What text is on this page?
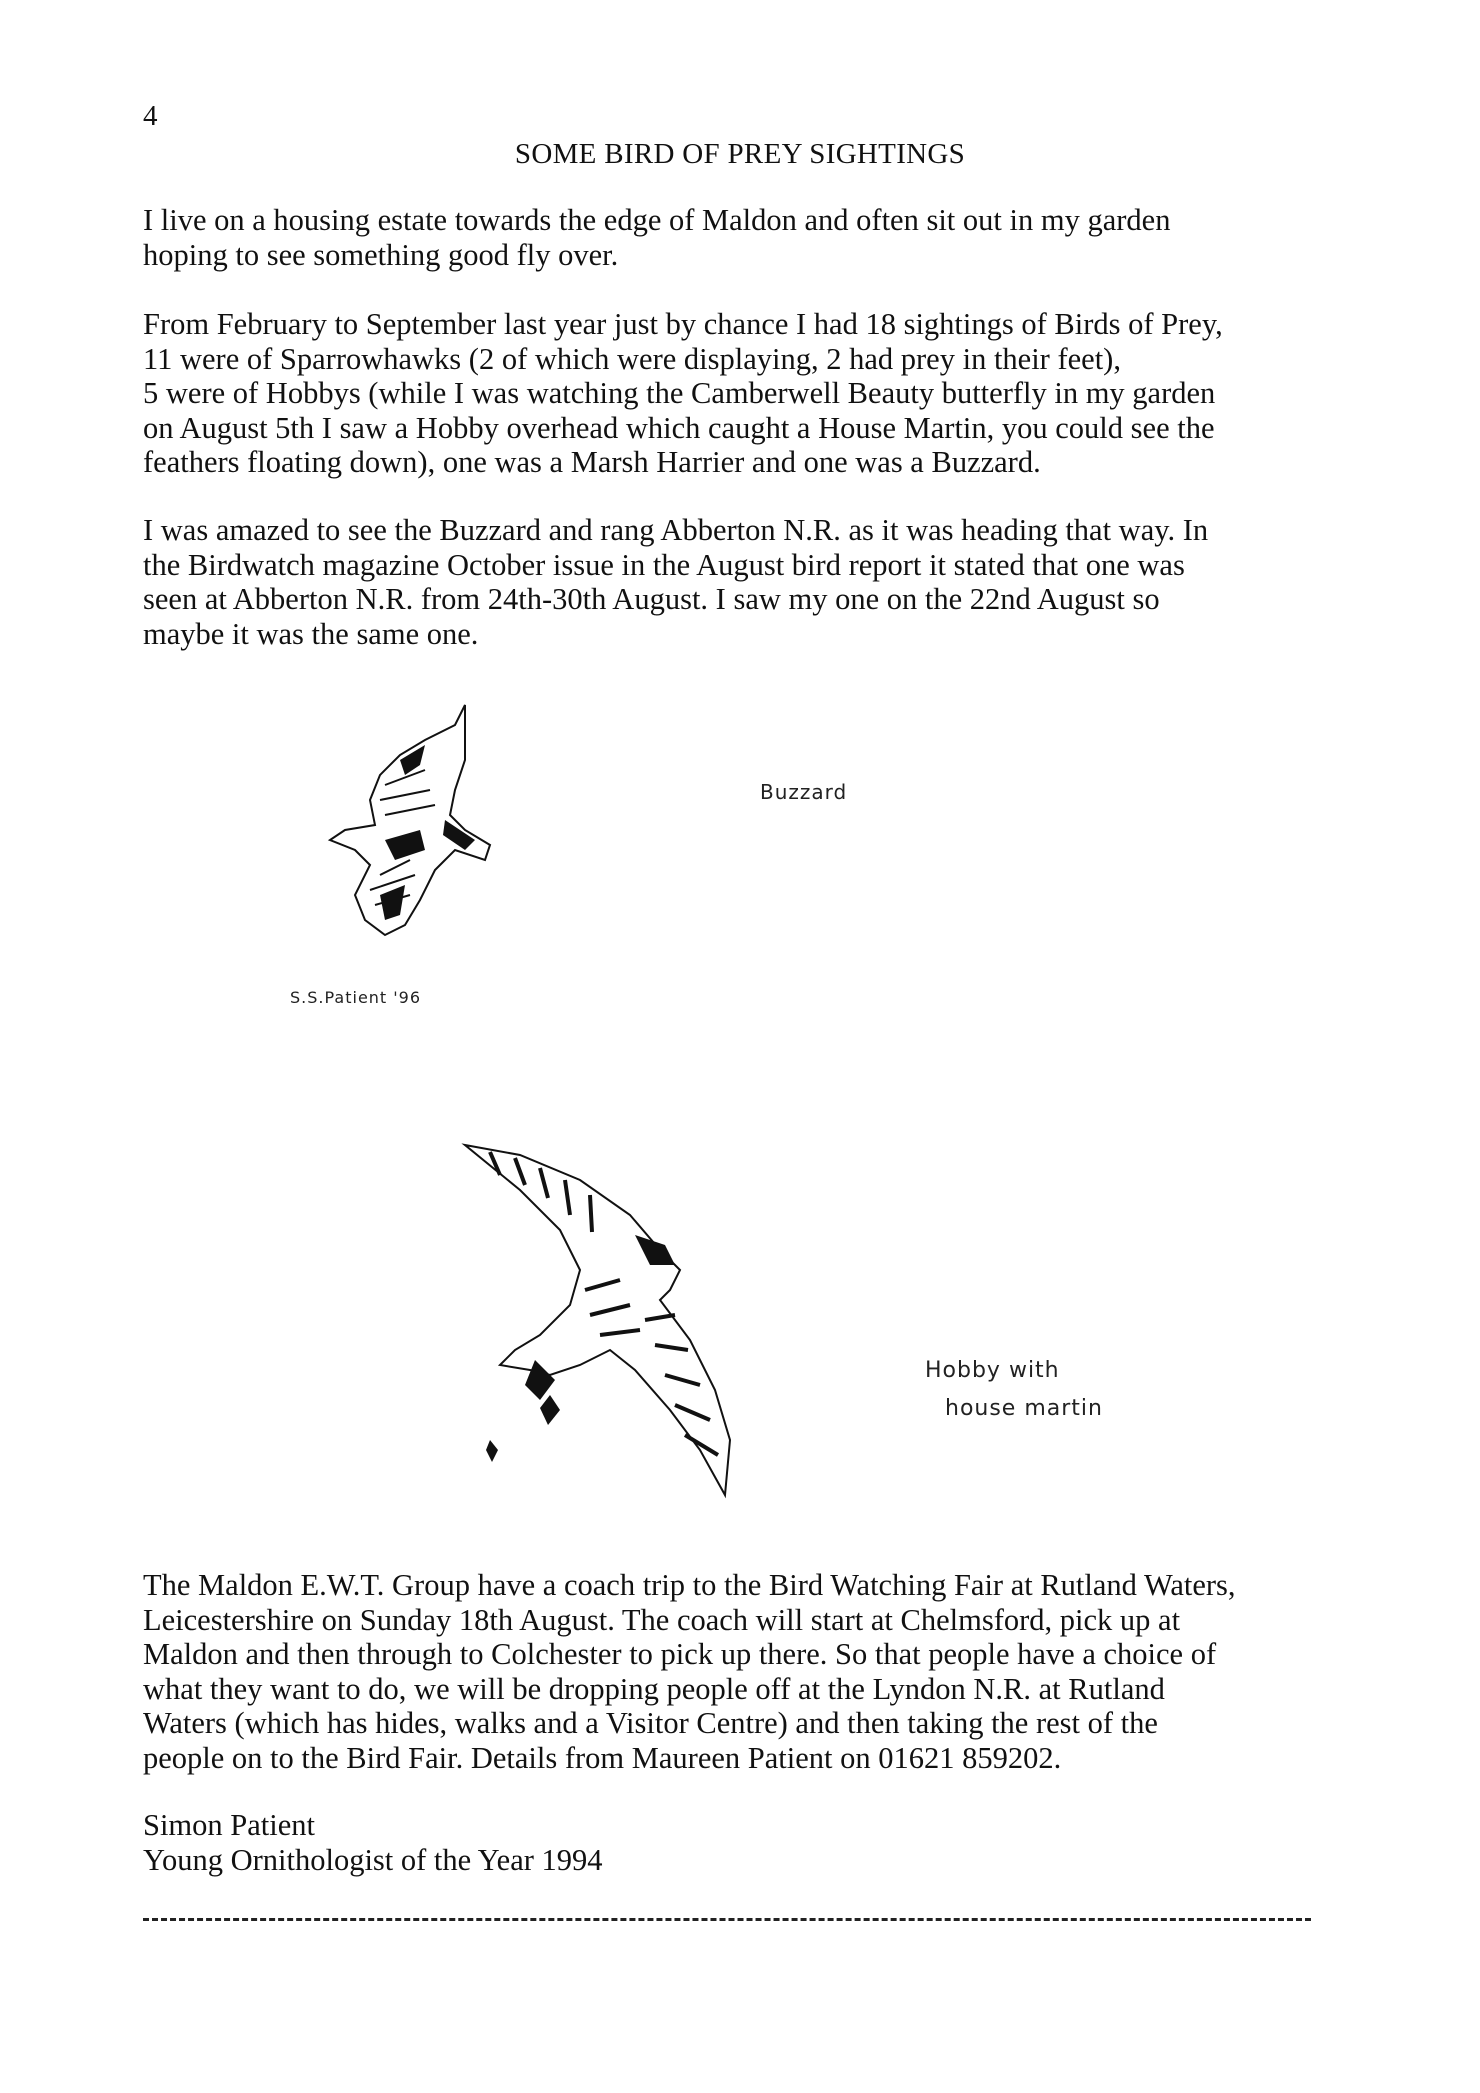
4
SOME BIRD OF PREY SIGHTINGS

I live on a housing estate towards the edge of Maldon and often sit out in my garden
hoping to see something good fly over.

From February to September last year just by chance I had 18 sightings of Birds of Prey,
11 were of Sparrowhawks (2 of which were displaying, 2 had prey in their feet),
5 were of Hobbys (while I was watching the Camberwell Beauty butterfly in my garden
on August 5th I saw a Hobby overhead which caught a House Martin, you could see the
feathers floating down), one was a Marsh Harrier and one was a Buzzard.

I was amazed to see the Buzzard and rang Abberton N.R. as it was heading that way. In
the Birdwatch magazine October issue in the August bird report it stated that one was
seen at Abberton N.R. from 24th-30th August. I saw my one on the 22nd August so
maybe it was the same one.

Buzzard
S.S.Patient '96
Hobby with
house martin

The Maldon E.W.T. Group have a coach trip to the Bird Watching Fair at Rutland Waters,
Leicestershire on Sunday 18th August. The coach will start at Chelmsford, pick up at
Maldon and then through to Colchester to pick up there. So that people have a choice of
what they want to do, we will be dropping people off at the Lyndon N.R. at Rutland
Waters (which has hides, walks and a Visitor Centre) and then taking the rest of the
people on to the Bird Fair. Details from Maureen Patient on 01621 859202.

Simon Patient
Young Ornithologist of the Year 1994
